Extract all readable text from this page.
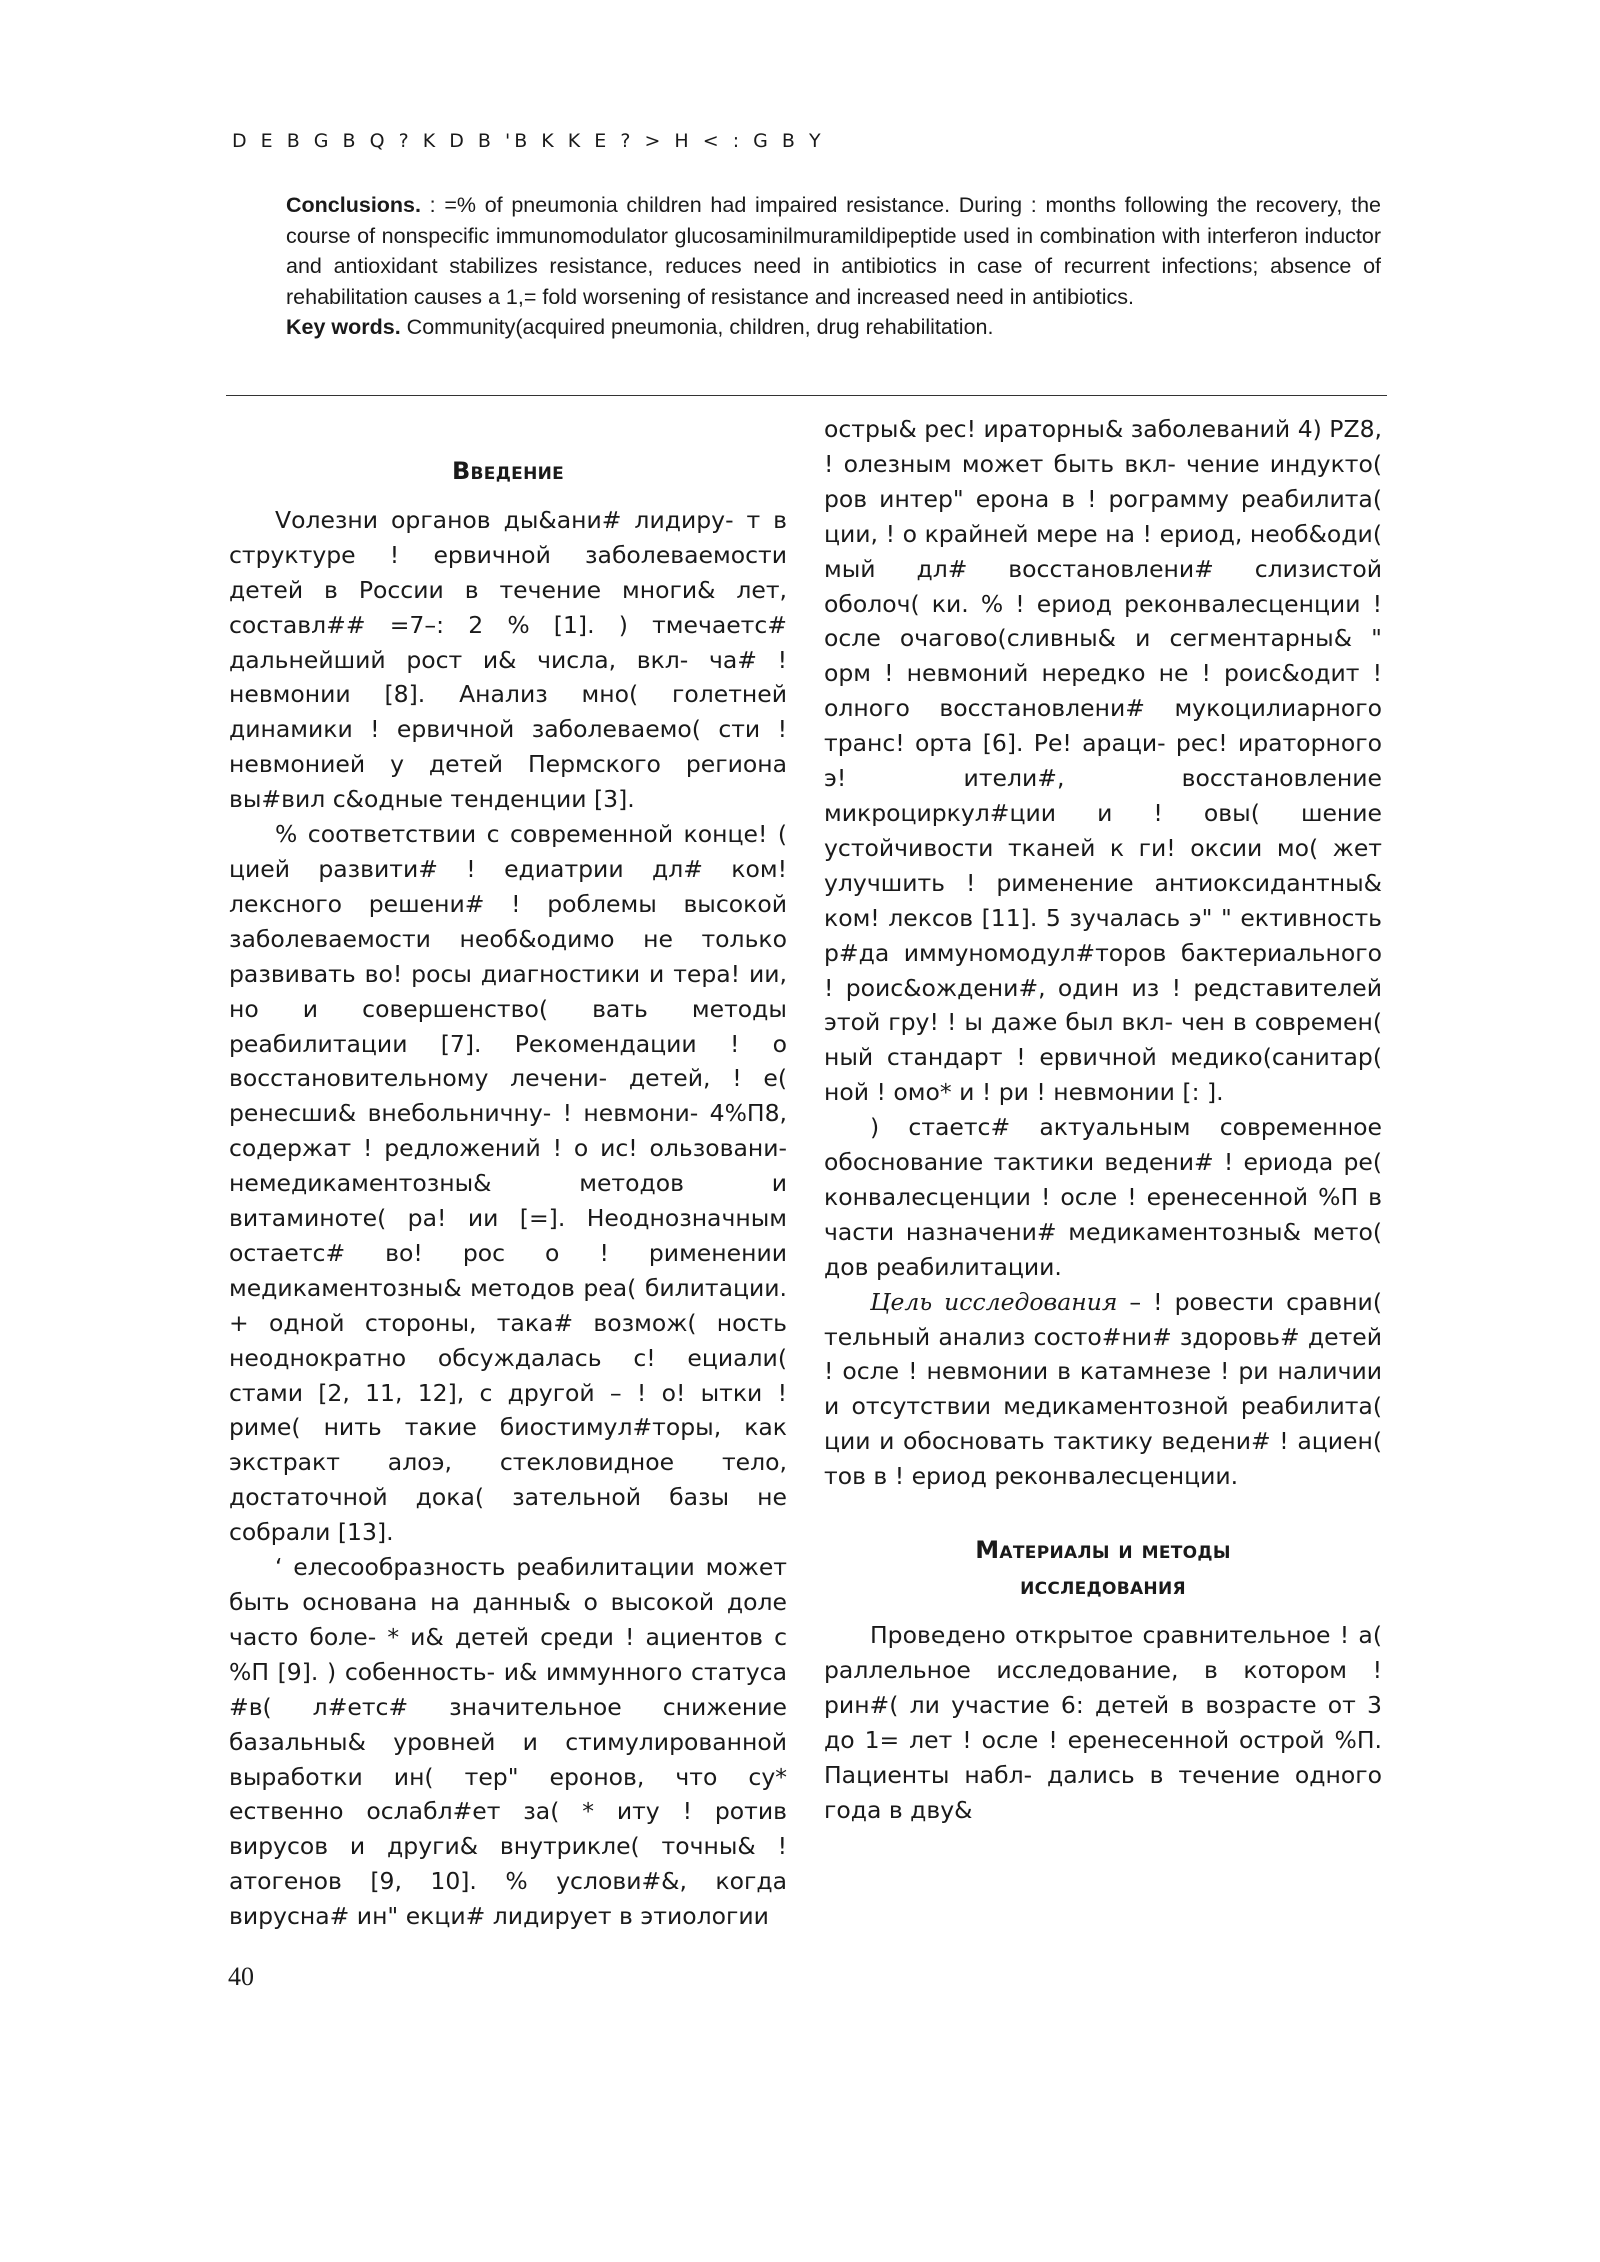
D E B G B Q ? K D B 'B K K E ? > H < : G B Y

Conclusions. : =% of pneumonia children had impaired resistance. During : months following the recovery, the course of nonspecific immunomodulator glucosaminilmuramildipeptide used in combination with interferon inductor and antioxidant stabilizes resistance, reduces need in antibiotics in case of recurrent infections; absence of rehabilitation causes a 1,= fold worsening of resistance and increased need in antibiotics.

Key words. Community(acquired pneumonia, children, drug rehabilitation.

Введение

Vолезни органов ды&ани# лидиру- т в структуре ! ервичной заболеваемости детей в России в течение многи& лет, составл## =7–: 2 % [1]. ) тмечаетс# дальнейший рост и& числа, вкл- ча# ! невмонии [8]. Анализ мно( голетней динамики ! ервичной заболеваемо( сти ! невмонией у детей Пермского региона вы#вил с&одные тенденции [3].

% соответствии с современной конце! ( цией развити# ! едиатрии дл# ком! лексного решени# ! роблемы высокой заболеваемости необ&одимо не только развивать во! росы диагностики и тера! ии, но и совершенство( вать методы реабилитации [7]. Рекомендации ! о восстановительному лечени- детей, ! е( ренесши& внебольничну- ! невмони- 4%П8, содержат ! редложений ! о ис! ользовани- немедикаментозны& методов и витаминоте( ра! ии [=]. Неоднозначным остаетс# во! рос о ! рименении медикаментозны& методов реа( билитации. + одной стороны, така# возмож( ность неоднократно обсуждалась с! ециали( стами [2, 11, 12], с другой – ! о! ытки ! риме( нить такие биостимул#торы, как экстракт алоэ, стекловидное тело, достаточной дока( зательной базы не собрали [13].

‘ елесообразность реабилитации может быть основана на данны& о высокой доле часто боле- * и& детей среди ! ациентов с %П [9]. ) собенность- и& иммунного статуса #в( л#етс# значительное снижение базальны& уровней и стимулированной выработки ин( тер" еронов, что су* ественно ослабл#ет за( * иту ! ротив вирусов и други& внутрикле( точны& ! атогенов [9, 10]. % услови#&, когда вирусна# ин" екци# лидирует в этиологии

остры& рес! ираторны& заболеваний 4) PZ8, ! олезным может быть вкл- чение индукто( ров интер" ерона в ! рограмму реабилита( ции, ! о крайней мере на ! ериод, необ&оди( мый дл# восстановлени# слизистой оболоч( ки. % ! ериод реконвалесценции ! осле очагово(сливны& и сегментарны& " орм ! невмоний нередко не ! роис&одит ! олного восстановлени# мукоцилиарного транс! орта [6]. Ре! араци- рес! ираторного э! ители#, восстановление микроциркул#ции и ! овы( шение устойчивости тканей к ги! оксии мо( жет улучшить ! рименение антиоксидантны& ком! лексов [11]. 5 зучалась э" " ективность р#да иммуномодул#торов бактериального ! роис&ождени#, один из ! редставителей этой гру! ! ы даже был вкл- чен в современ( ный стандарт ! ервичной медико(санитар( ной ! омо* и ! ри ! невмонии [: ].

) стаетс# актуальным современное обоснование тактики ведени# ! ериода ре( конвалесценции ! осле ! еренесенной %П в части назначени# медикаментозны& мето( дов реабилитации.

Цель исследования – ! ровести сравни( тельный анализ состо#ни# здоровь# детей ! осле ! невмонии в катамнезе ! ри наличии и отсутствии медикаментозной реабилита( ции и обосновать тактику ведени# ! ациен( тов в ! ериод реконвалесценции.

Материалы и методы
исследования

Проведено открытое сравнительное ! а( раллельное исследование, в котором ! рин#( ли участие 6: детей в возрасте от 3 до 1= лет ! осле ! еренесенной острой %П. Пациенты набл- дались в течение одного года в дву&

40
